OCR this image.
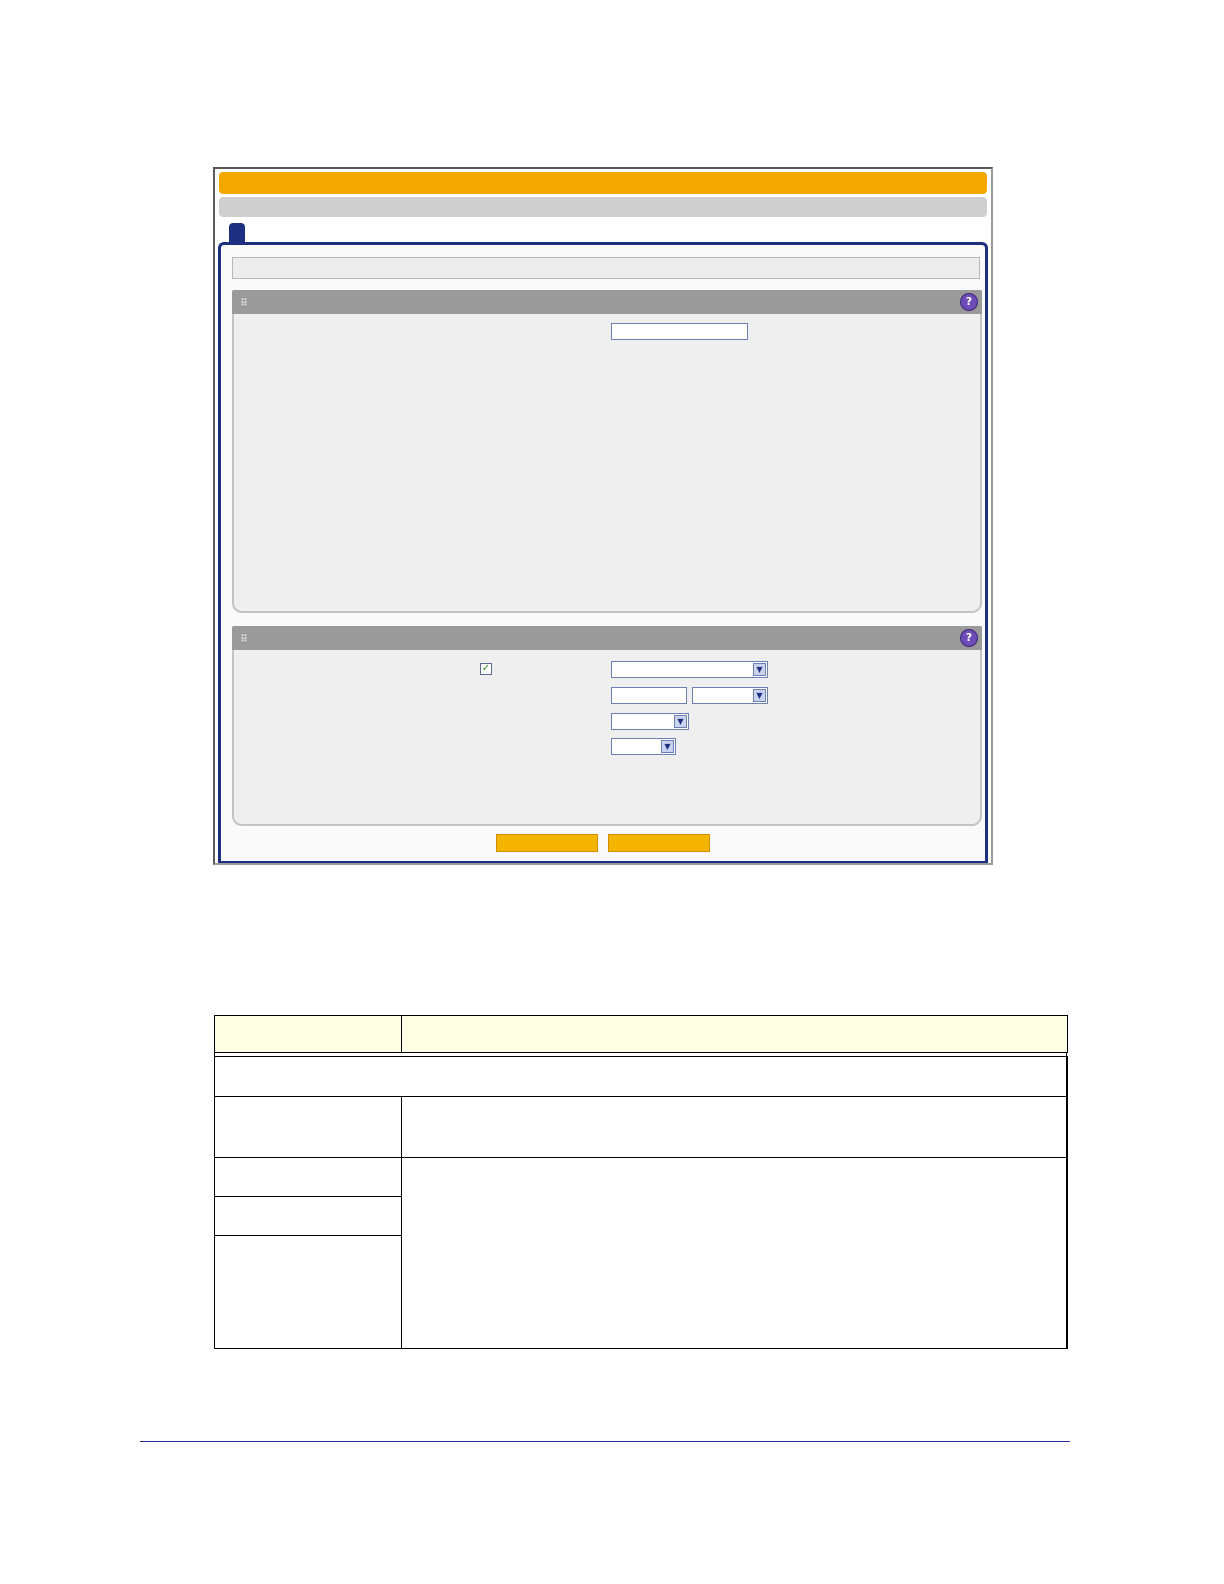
⠿	?
⠿	?
✓	▼
▼
▼
▼
